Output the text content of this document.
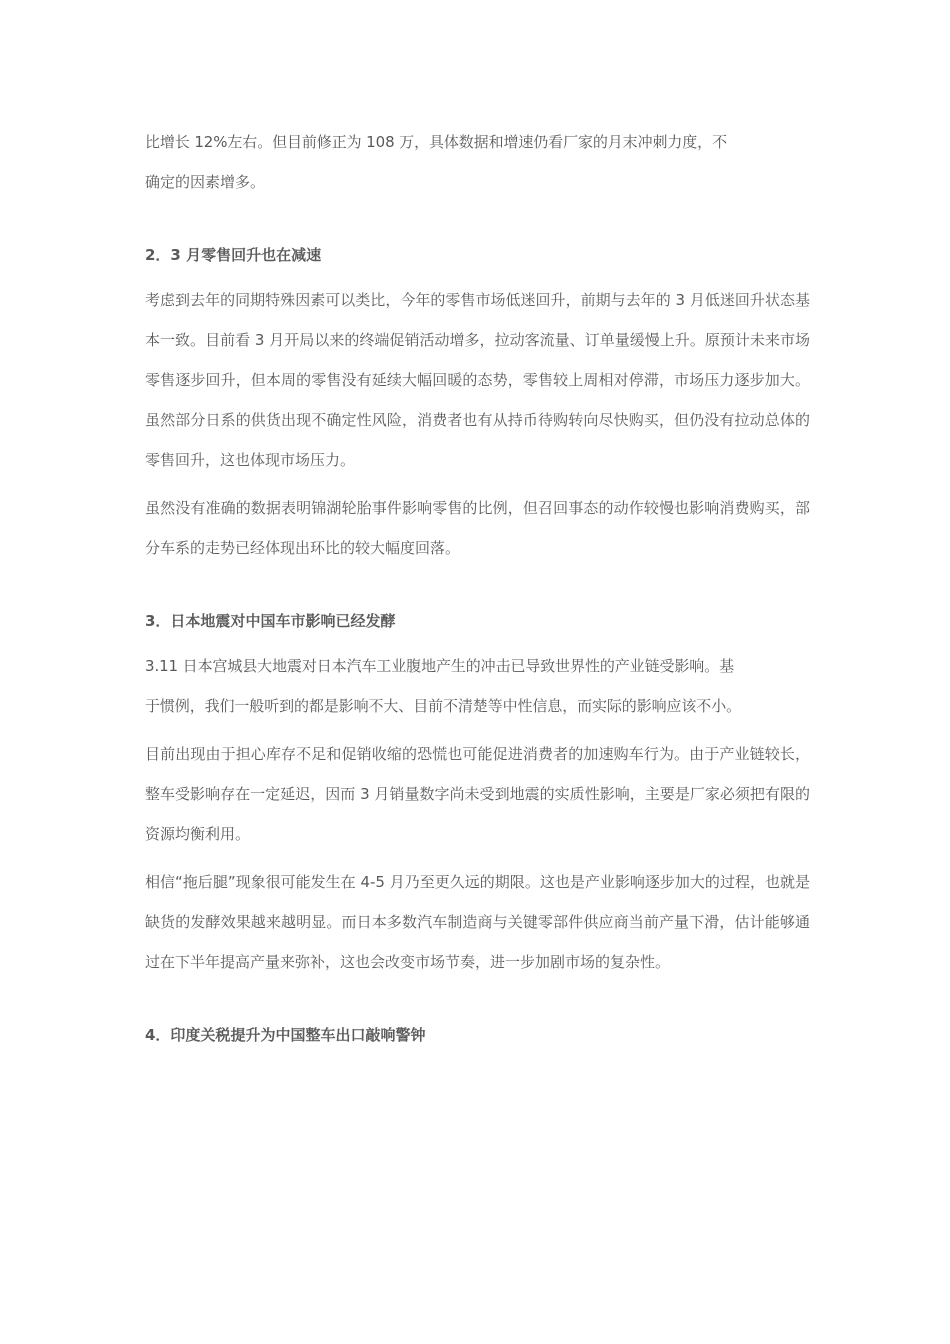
比增长 12%左右。但目前修正为 108 万，具体数据和增速仍看厂家的月末冲刺力度，不
确定的因素增多。
2．3 月零售回升也在减速

考虑到去年的同期特殊因素可以类比，今年的零售市场低迷回升，前期与去年的 3 月低迷回升状态基本一致。目前看 3 月开局以来的终端促销活动增多，拉动客流量、订单量缓慢上升。原预计未来市场零售逐步回升，但本周的零售没有延续大幅回暖的态势，零售较上周相对停滞，市场压力逐步加大。虽然部分日系的供货出现不确定性风险，消费者也有从持币待购转向尽快购买，但仍没有拉动总体的零售回升，这也体现市场压力。

虽然没有准确的数据表明锦湖轮胎事件影响零售的比例，但召回事态的动作较慢也影响消费购买，部分车系的走势已经体现出环比的较大幅度回落。

3．日本地震对中国车市影响已经发酵
3.11 日本宫城县大地震对日本汽车工业腹地产生的冲击已导致世界性的产业链受影响。基
于惯例，我们一般听到的都是影响不大、目前不清楚等中性信息，而实际的影响应该不小。

目前出现由于担心库存不足和促销收缩的恐慌也可能促进消费者的加速购车行为。由于产业链较长，整车受影响存在一定延迟，因而 3 月销量数字尚未受到地震的实质性影响，主要是厂家必须把有限的资源均衡利用。

相信“拖后腿”现象很可能发生在 4-5 月乃至更久远的期限。这也是产业影响逐步加大的过程，也就是缺货的发酵效果越来越明显。而日本多数汽车制造商与关键零部件供应商当前产量下滑，估计能够通过在下半年提高产量来弥补，这也会改变市场节奏，进一步加剧市场的复杂性。

4．印度关税提升为中国整车出口敲响警钟
